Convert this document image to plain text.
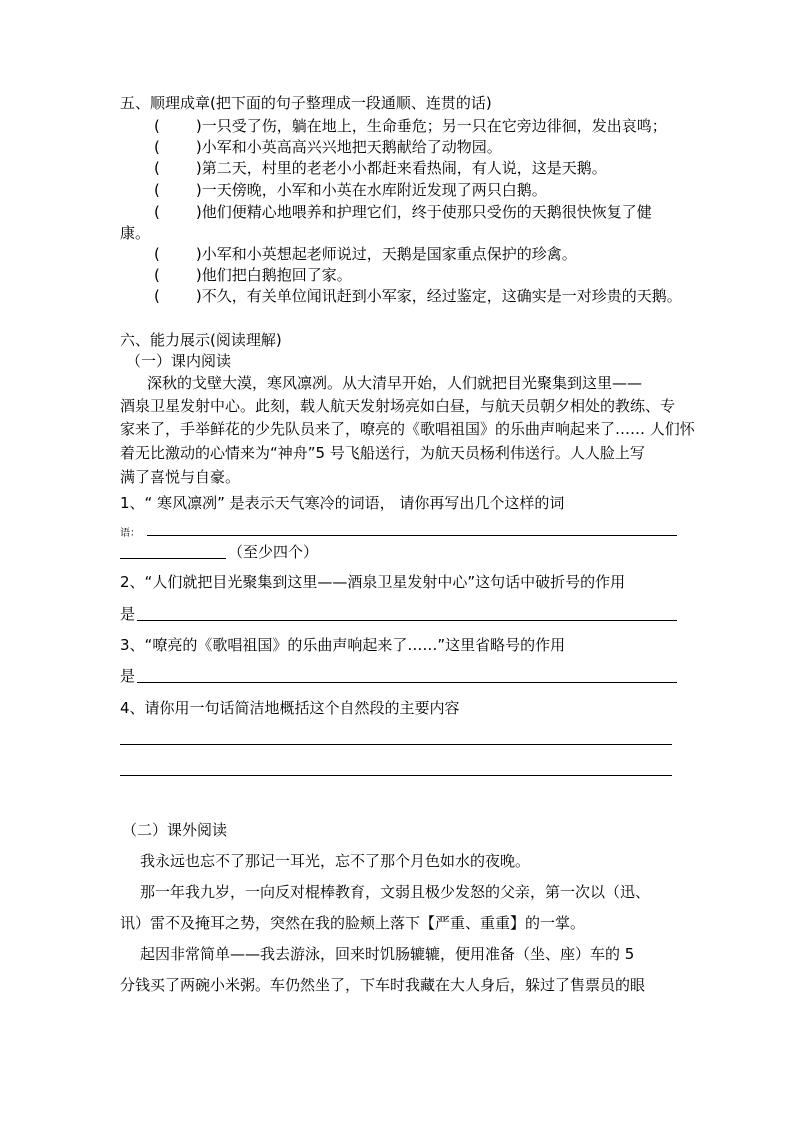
五、顺理成章(把下面的句子整理成一段通顺、连贯的话)
( )一只受了伤，躺在地上，生命垂危；另一只在它旁边徘徊，发出哀鸣；
( )小军和小英高高兴兴地把天鹅献给了动物园。
( )第二天，村里的老老小小都赶来看热闹，有人说，这是天鹅。
( )一天傍晚，小军和小英在水库附近发现了两只白鹅。
( )他们便精心地喂养和护理它们，终于使那只受伤的天鹅很快恢复了健
康。
( )小军和小英想起老师说过，天鹅是国家重点保护的珍禽。
( )他们把白鹅抱回了家。
( )不久，有关单位闻讯赶到小军家，经过鉴定，这确实是一对珍贵的天鹅。
六、能力展示(阅读理解)
（一）课内阅读
深秋的戈壁大漠，寒风凛冽。从大清早开始，人们就把目光聚集到这里——
酒泉卫星发射中心。此刻，载人航天发射场亮如白昼，与航天员朝夕相处的教练、专
家来了，手举鲜花的少先队员来了，嘹亮的《歌唱祖国》的乐曲声响起来了…… 人们怀
着无比激动的心情来为“神舟”5 号飞船送行，为航天员杨利伟送行。人人脸上写
满了喜悦与自豪。
1、“ 寒风凛冽” 是表示天气寒冷的词语， 请你再写出几个这样的词
语：
（至少四个）
2、“人们就把目光聚集到这里——酒泉卫星发射中心”这句话中破折号的作用
是
3、“嘹亮的《歌唱祖国》的乐曲声响起来了……”这里省略号的作用
是
4、请你用一句话简洁地概括这个自然段的主要内容
（二）课外阅读
我永远也忘不了那记一耳光，忘不了那个月色如水的夜晚。
那一年我九岁，一向反对棍棒教育，文弱且极少发怒的父亲，第一次以（迅、
讯）雷不及掩耳之势，突然在我的脸颊上落下【严重、重重】的一掌。
起因非常简单——我去游泳，回来时饥肠辘辘，便用准备（坐、座）车的 5
分钱买了两碗小米粥。车仍然坐了，下车时我藏在大人身后，躲过了售票员的眼
